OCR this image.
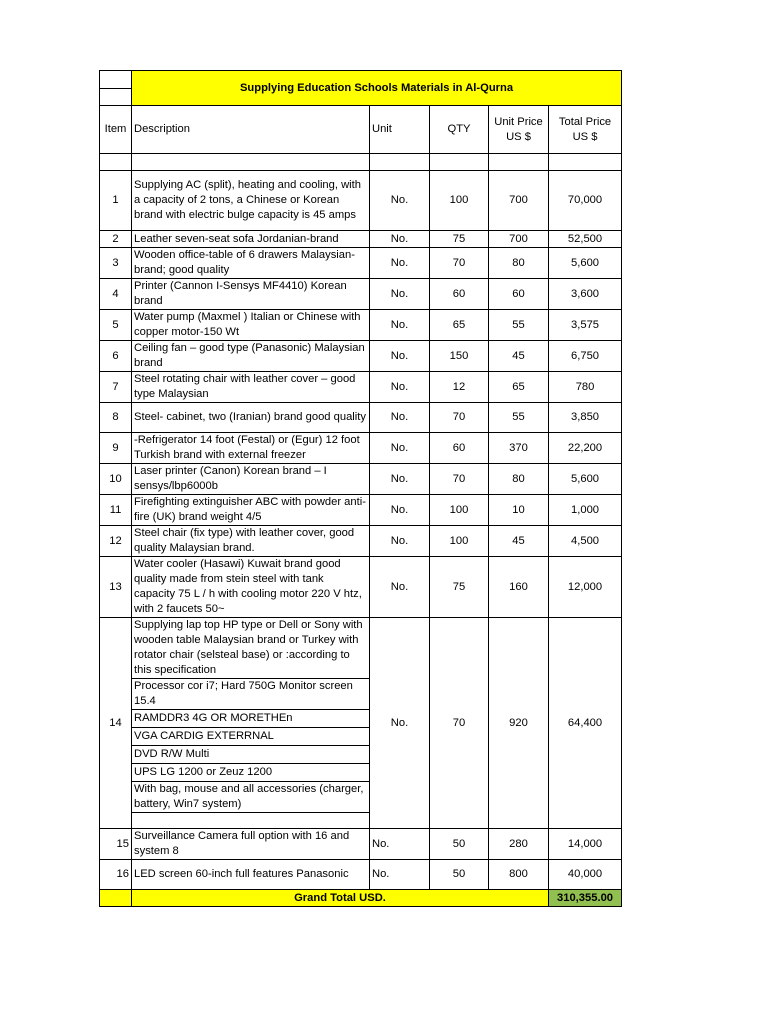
	Supplying Education Schools Materials in Al-Qurna				

Item	Description	Unit	QTY	Unit Price US $	Total Price US $

1	Supplying AC (split), heating and cooling, with a capacity of 2 tons, a Chinese or Korean brand with electric bulge capacity is 45 amps	No.	100	700	70,000
2	Leather seven-seat sofa Jordanian-brand	No.	75	700	52,500
3	Wooden office-table of 6 drawers Malaysian-brand; good quality	No.	70	80	5,600
4	Printer (Cannon I-Sensys MF4410) Korean brand	No.	60	60	3,600
5	Water pump (Maxmel ) Italian or Chinese with copper motor-150 Wt	No.	65	55	3,575
6	Ceiling fan – good type (Panasonic) Malaysian brand	No.	150	45	6,750
7	Steel rotating chair with leather cover – good type Malaysian	No.	12	65	780
8	Steel- cabinet, two (Iranian) brand good quality	No.	70	55	3,850
9	-Refrigerator 14 foot (Festal) or (Egur) 12 foot Turkish brand with external freezer	No.	60	370	22,200
10	Laser printer (Canon) Korean brand – I sensys/lbp6000b	No.	70	80	5,600
11	Firefighting extinguisher ABC with powder anti-fire (UK) brand weight 4/5	No.	100	10	1,000
12	Steel chair (fix type) with leather cover, good quality Malaysian brand.	No.	100	45	4,500
13	Water cooler (Hasawi) Kuwait brand good quality made from stein steel with tank capacity 75 L / h with cooling motor 220 V htz, with 2 faucets 50~	No.	75	160	12,000
14	Supplying lap top HP type or Dell or Sony with wooden table Malaysian brand or Turkey with rotator chair (selsteal base) or :according to this specification	No.	70	920	64,400
	Processor cor i7; Hard 750G Monitor screen 15.4				
	RAMDDR3 4G OR MORETHEn				
	VGA CARDIG EXTERRNAL				
	DVD R/W Multi				
	UPS LG 1200 or Zeuz 1200				
	With bag, mouse and all accessories (charger, battery, Win7 system)				

15	Surveillance Camera full option with 16 and system 8	No.	50	280	14,000
16	LED screen 60-inch full features Panasonic	No.	50	800	40,000
	Grand Total USD.				310,355.00
